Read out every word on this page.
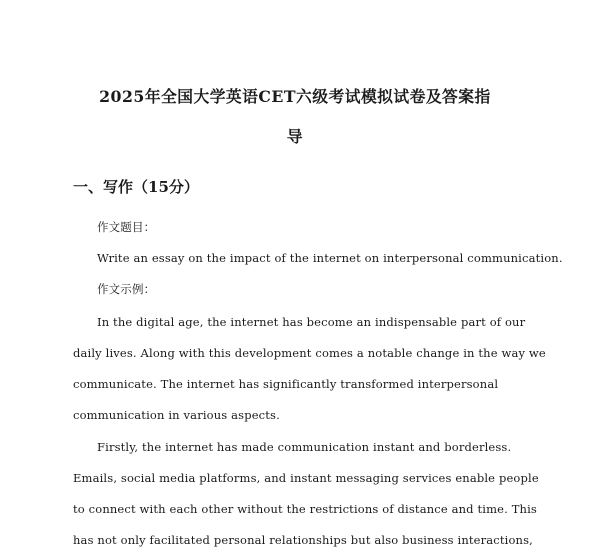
2025年全国大学英语CET六级考试模拟试卷及答案指
导
一、写作（15分）
作文题目：
Write an essay on the impact of the internet on interpersonal communication.
作文示例：
In the digital age, the internet has become an indispensable part of our
daily lives. Along with this development comes a notable change in the way we
communicate. The internet has significantly transformed interpersonal
communication in various aspects.
Firstly, the internet has made communication instant and borderless.
Emails, social media platforms, and instant messaging services enable people
to connect with each other without the restrictions of distance and time. This
has not only facilitated personal relationships but also business interactions,
